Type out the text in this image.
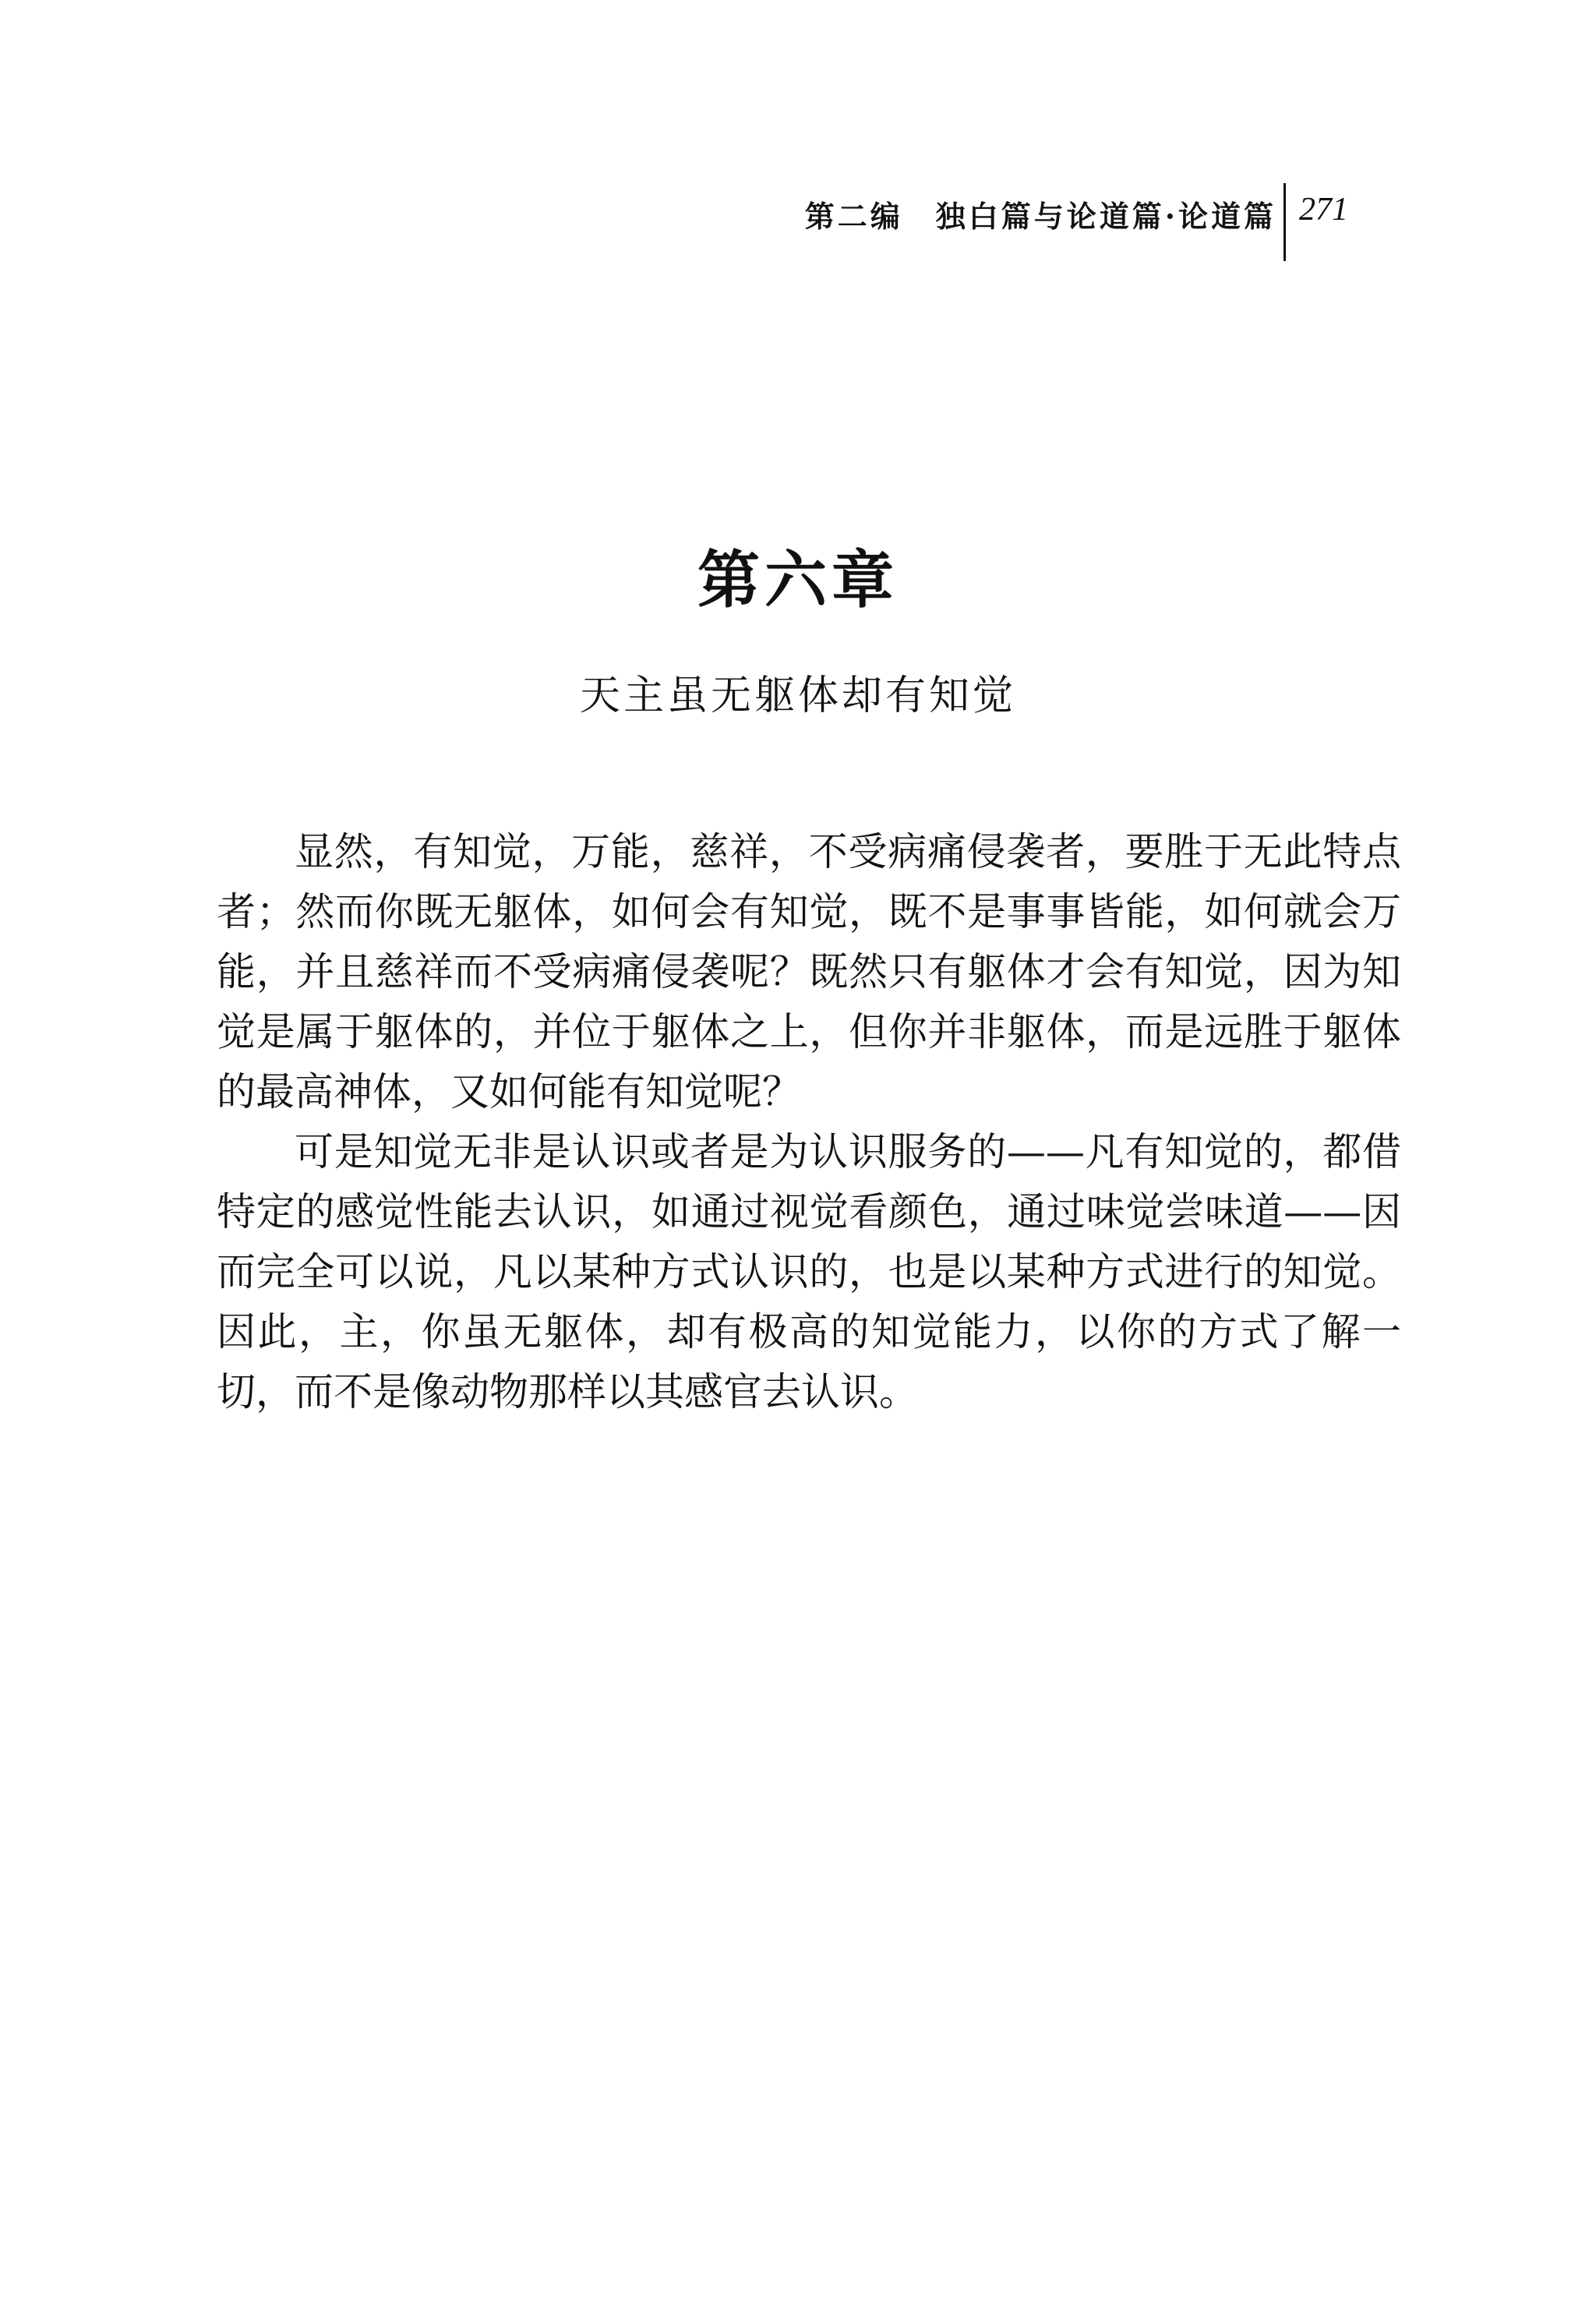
第二编　独白篇与论道篇·论道篇 271
第六章
天主虽无躯体却有知觉

显然，有知觉，万能，慈祥，不受病痛侵袭者，要胜于无此特点者；然而你既无躯体，如何会有知觉，既不是事事皆能，如何就会万能，并且慈祥而不受病痛侵袭呢？既然只有躯体才会有知觉，因为知觉是属于躯体的，并位于躯体之上，但你并非躯体，而是远胜于躯体的最高神体，又如何能有知觉呢？

可是知觉无非是认识或者是为认识服务的——凡有知觉的，都借特定的感觉性能去认识，如通过视觉看颜色，通过味觉尝味道——因而完全可以说，凡以某种方式认识的，也是以某种方式进行的知觉。因此，主，你虽无躯体，却有极高的知觉能力，以你的方式了解一切，而不是像动物那样以其感官去认识。
